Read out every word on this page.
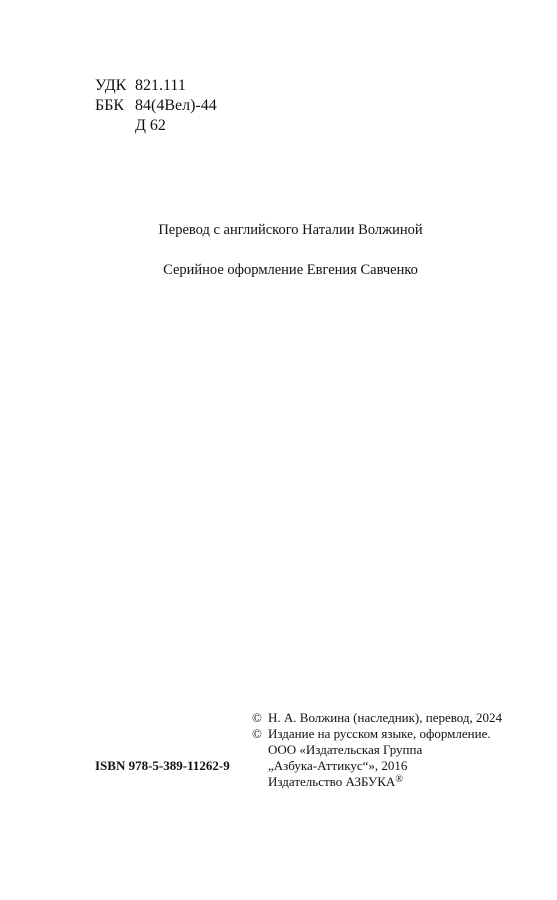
УДК 821.111
ББК 84(4Вел)-44
Д 62
Перевод с английского Наталии Волжиной
Серийное оформление Евгения Савченко
© Н. А. Волжина (наследник), перевод, 2024
© Издание на русском языке, оформление.
ООО «Издательская Группа
„Азбука-Аттикус“», 2016
Издательство АЗБУКА®
ISBN 978-5-389-11262-9
